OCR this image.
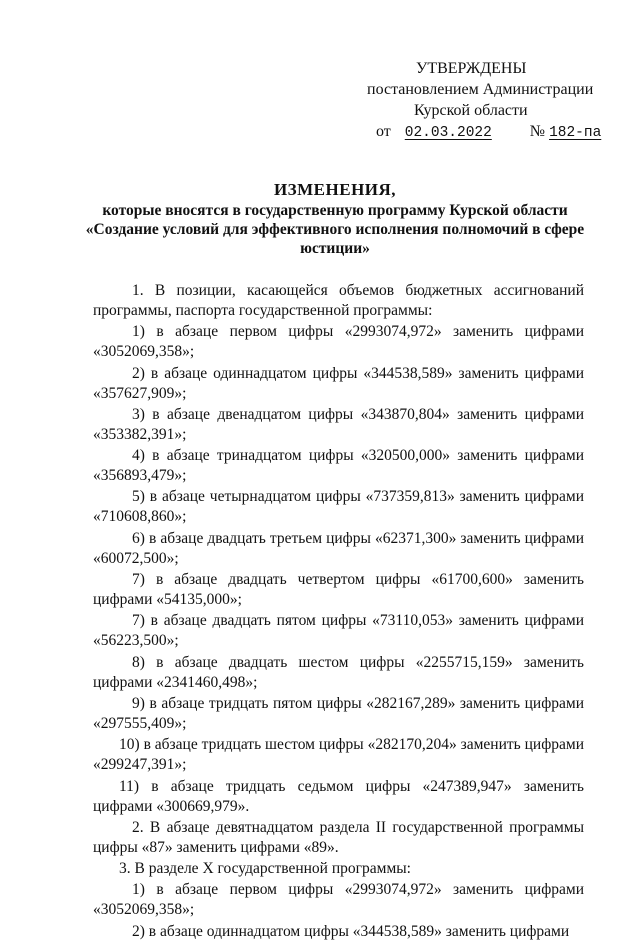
УТВЕРЖДЕНЫ
постановлением Администрации
Курской области
от 02.03.2022 № 182-па
ИЗМЕНЕНИЯ,
которые вносятся в государственную программу Курской области
«Создание условий для эффективного исполнения полномочий в сфере
юстиции»

1. В позиции, касающейся объемов бюджетных ассигнований программы, паспорта государственной программы:

1) в абзаце первом цифры «2993074,972» заменить цифрами «3052069,358»;

2) в абзаце одиннадцатом цифры «344538,589» заменить цифрами «357627,909»;

3) в абзаце двенадцатом цифры «343870,804» заменить цифрами «353382,391»;

4) в абзаце тринадцатом цифры «320500,000» заменить цифрами «356893,479»;

5) в абзаце четырнадцатом цифры «737359,813» заменить цифрами «710608,860»;

6) в абзаце двадцать третьем цифры «62371,300» заменить цифрами «60072,500»;

7) в абзаце двадцать четвертом цифры «61700,600» заменить цифрами «54135,000»;

7) в абзаце двадцать пятом цифры «73110,053» заменить цифрами «56223,500»;

8) в абзаце двадцать шестом цифры «2255715,159» заменить цифрами «2341460,498»;

9) в абзаце тридцать пятом цифры «282167,289» заменить цифрами «297555,409»;

10) в абзаце тридцать шестом цифры «282170,204» заменить цифрами «299247,391»;

11) в абзаце тридцать седьмом цифры «247389,947» заменить цифрами «300669,979».

2. В абзаце девятнадцатом раздела II государственной программы цифры «87» заменить цифрами «89».

3. В разделе X государственной программы:

1) в абзаце первом цифры «2993074,972» заменить цифрами «3052069,358»;

2) в абзаце одиннадцатом цифры «344538,589» заменить цифрами
